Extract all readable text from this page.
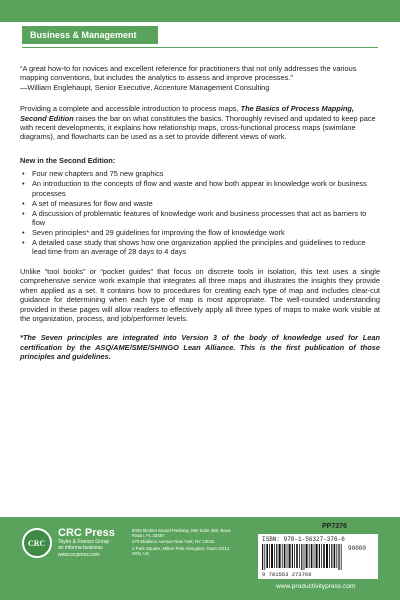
Business & Management

“A great how-to for novices and excellent reference for practitioners that not only addresses the various mapping conventions, but includes the analytics to assess and improve processes.”

—William Englehaupt, Senior Executive, Accenture Management Consulting

Providing a complete and accessible introduction to process maps, The Basics of Process Mapping, Second Edition raises the bar on what constitutes the basics. Thoroughly revised and updated to keep pace with recent developments, it explains how relationship maps, cross-functional process maps (swimlane diagrams), and flowcharts can be used as a set to provide different views of work.

New in the Second Edition:

• Four new chapters and 75 new graphics
• An introduction to the concepts of flow and waste and how both appear in knowledge work or business processes
• A set of measures for flow and waste
• A discussion of problematic features of knowledge work and business processes that act as barriers to flow
• Seven principles* and 29 guidelines for improving the flow of knowledge work
• A detailed case study that shows how one organization applied the principles and guidelines to reduce lead time from an average of 28 days to 4 days

Unlike “tool books” or “pocket guides” that focus on discrete tools in isolation, this text uses a single comprehensive service work example that integrates all three maps and illustrates the insights they provide when applied as a set. It contains how to procedures for creating each type of map and includes clear-cut guidance for determining when each type of map is most appropriate. The well-rounded understanding provided in these pages will allow readers to effectively apply all three types of maps to make work visible at the organization, process, and job/performer levels.

*The Seven principles are integrated into Version 3 of the body of knowledge used for Lean certification by the ASQ/AME/SME/SHINGO Lean Alliance. This is the first publication of those principles and guidelines.

CRC
CRC Press
Taylor & Francis Group
an informa business
www.crcpress.com
6000 Broken Sound Parkway, NW Suite 300, Boca Raton, FL 33487
270 Madison Avenue New York, NY 10016
2 Park Square, Milton Park Abingdon, Oxon OX14 4RN, UK
PP7376
ISBN: 978-1-56327-376-6
90000
9 781563 273766
www.productivitypress.com
